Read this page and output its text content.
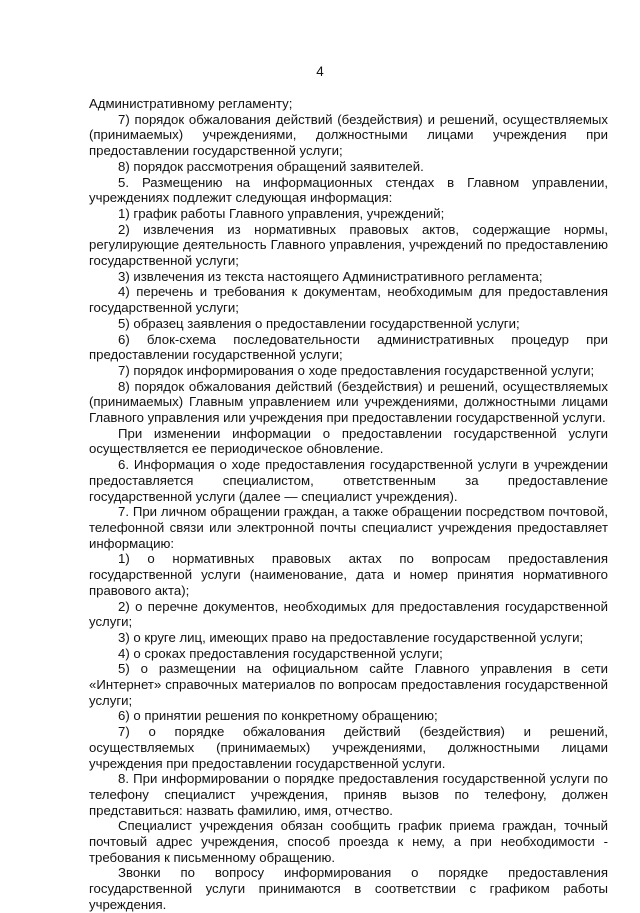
4

Административному регламенту;

7) порядок обжалования действий (бездействия) и решений, осуществляемых (принимаемых) учреждениями, должностными лицами учреждения при предоставлении государственной услуги;

8) порядок рассмотрения обращений заявителей.

5. Размещению на информационных стендах в Главном управлении, учреждениях подлежит следующая информация:

1) график работы Главного управления, учреждений;

2) извлечения из нормативных правовых актов, содержащие нормы, регулирующие деятельность Главного управления, учреждений по предоставлению государственной услуги;

3) извлечения из текста настоящего Административного регламента;

4) перечень и требования к документам, необходимым для предоставления государственной услуги;

5) образец заявления о предоставлении государственной услуги;

6) блок-схема последовательности административных процедур при предоставлении государственной услуги;

7) порядок информирования о ходе предоставления государственной услуги;

8) порядок обжалования действий (бездействия) и решений, осуществляемых (принимаемых) Главным управлением или учреждениями, должностными лицами Главного управления или учреждения при предоставлении государственной услуги.

При изменении информации о предоставлении государственной услуги осуществляется ее периодическое обновление.

6. Информация о ходе предоставления государственной услуги в учреждении предоставляется специалистом, ответственным за предоставление государственной услуги (далее — специалист учреждения).

7. При личном обращении граждан, а также обращении посредством почтовой, телефонной связи или электронной почты специалист учреждения предоставляет информацию:

1) о нормативных правовых актах по вопросам предоставления государственной услуги (наименование, дата и номер принятия нормативного правового акта);

2) о перечне документов, необходимых для предоставления государственной услуги;

3) о круге лиц, имеющих право на предоставление государственной услуги;

4) о сроках предоставления государственной услуги;

5) о размещении на официальном сайте Главного управления в сети «Интернет» справочных материалов по вопросам предоставления государственной услуги;

6) о принятии решения по конкретному обращению;

7) о порядке обжалования действий (бездействия) и решений, осуществляемых (принимаемых) учреждениями, должностными лицами учреждения при предоставлении государственной услуги.

8. При информировании о порядке предоставления государственной услуги по телефону специалист учреждения, приняв вызов по телефону, должен представиться: назвать фамилию, имя, отчество.

Специалист учреждения обязан сообщить график приема граждан, точный почтовый адрес учреждения, способ проезда к нему, а при необходимости - требования к письменному обращению.

Звонки по вопросу информирования о порядке предоставления государственной услуги принимаются в соответствии с графиком работы учреждения.
